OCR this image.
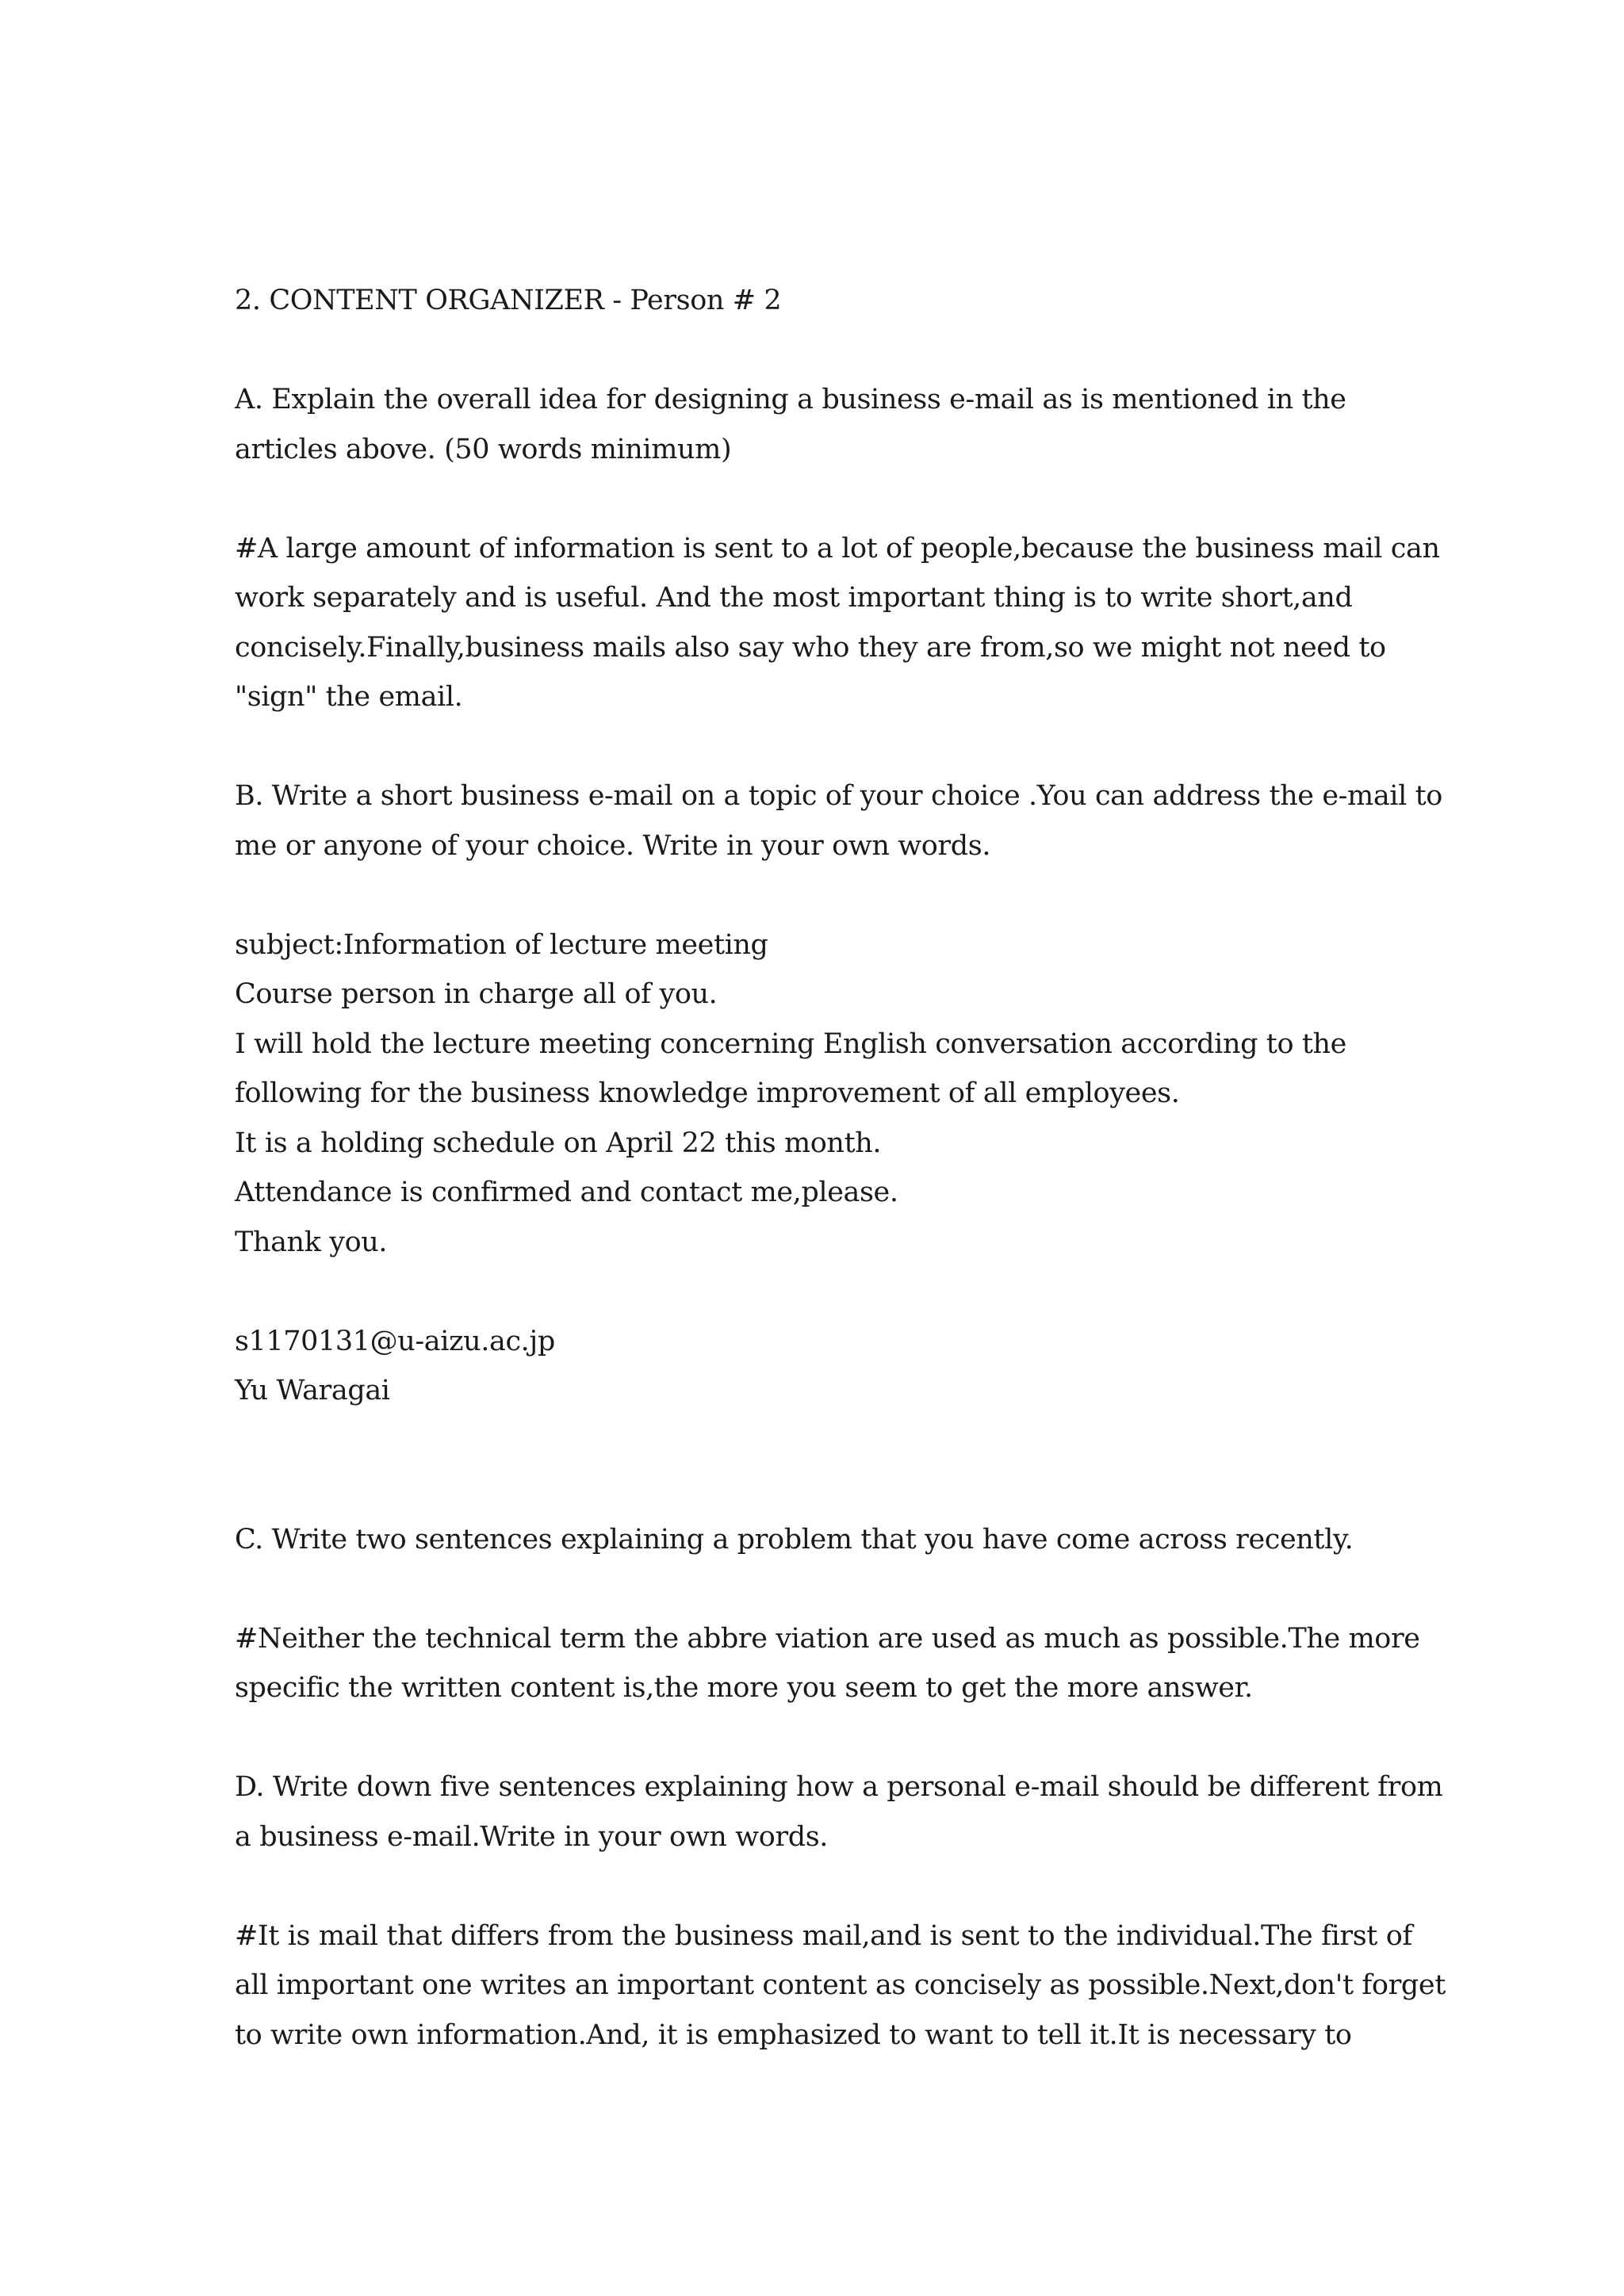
2. CONTENT ORGANIZER - Person # 2
A. Explain the overall idea for designing a business e-mail as is mentioned in the
articles above. (50 words minimum)
#A large amount of information is sent to a lot of people,because the business mail can
work separately and is useful. And the most important thing is to write short,and
concisely.Finally,business mails also say who they are from,so we might not need to
"sign" the email.
B. Write a short business e-mail on a topic of your choice .You can address the e-mail to
me or anyone of your choice. Write in your own words.
subject:Information of lecture meeting
Course person in charge all of you.
I will hold the lecture meeting concerning English conversation according to the
following for the business knowledge improvement of all employees.
It is a holding schedule on April 22 this month.
Attendance is confirmed and contact me,please.
Thank you.
s1170131@u-aizu.ac.jp
Yu Waragai
C. Write two sentences explaining a problem that you have come across recently.
#Neither the technical term the abbre viation are used as much as possible.The more
specific the written content is,the more you seem to get the more answer.
D. Write down five sentences explaining how a personal e-mail should be different from
a business e-mail.Write in your own words.
#It is mail that differs from the business mail,and is sent to the individual.The first of
all important one writes an important content as concisely as possible.Next,don't forget
to write own information.And, it is emphasized to want to tell it.It is necessary to
